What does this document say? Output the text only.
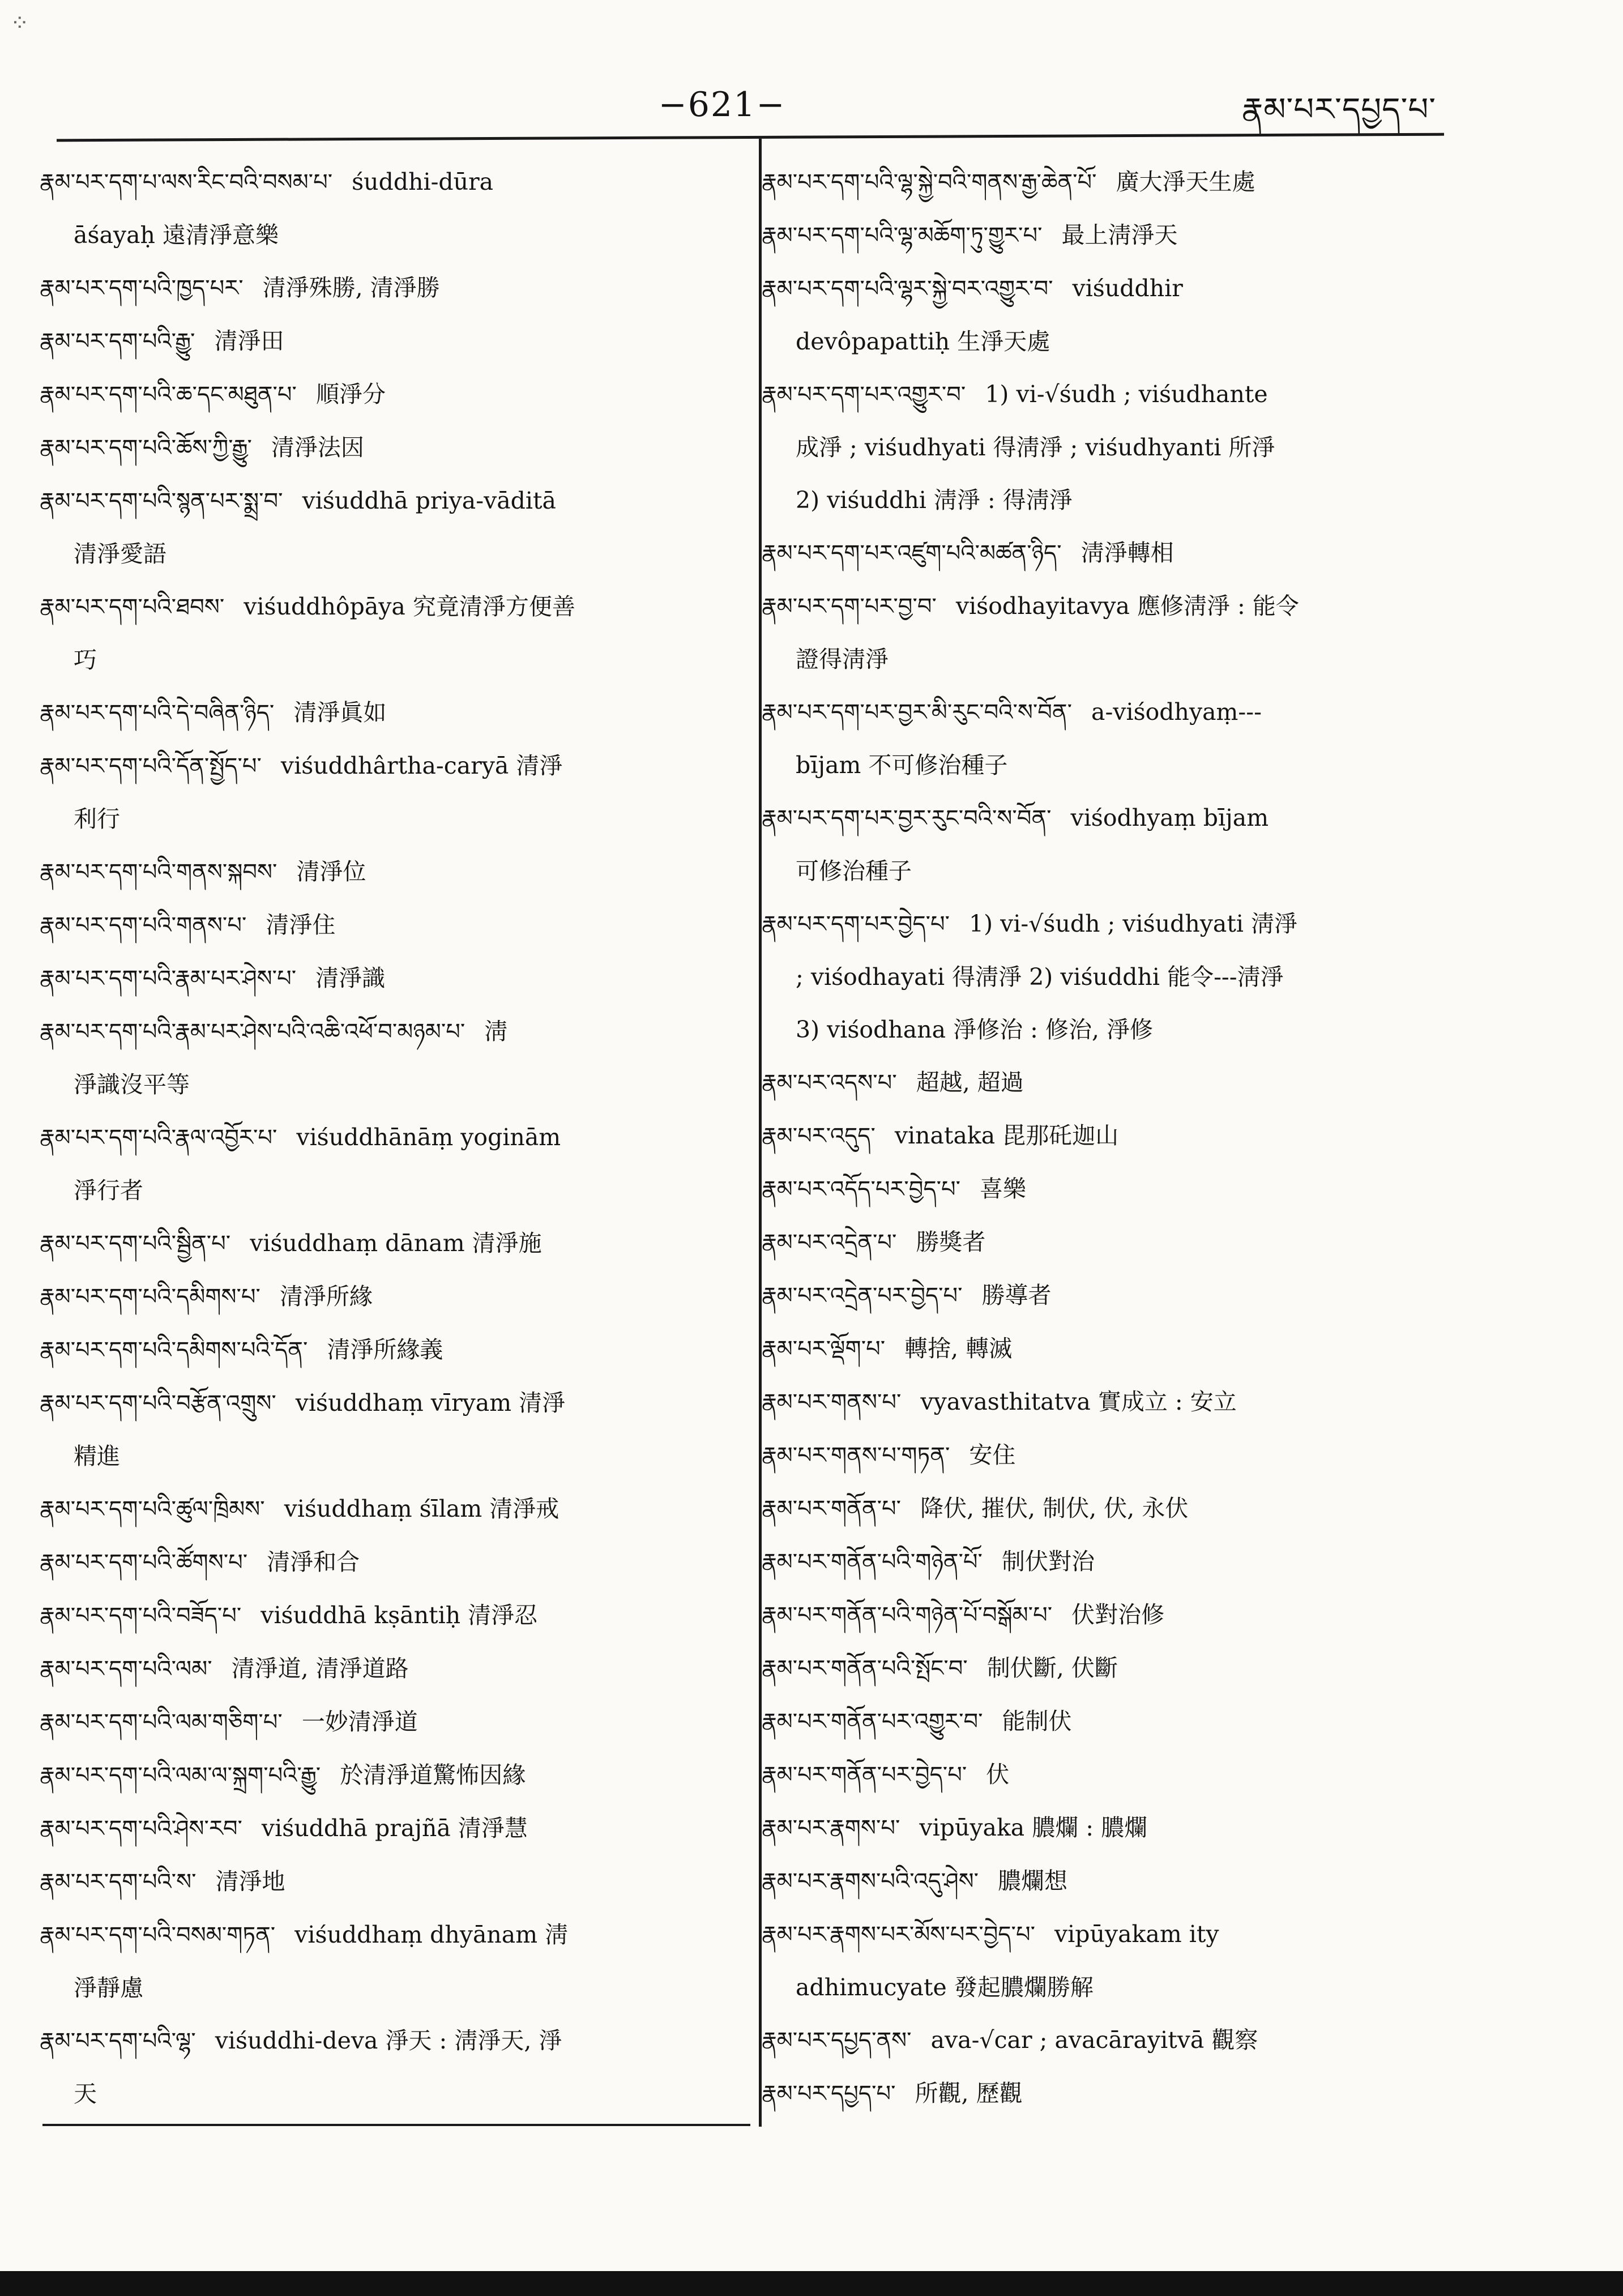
⁘
−621−	རྣམ་པར་དཔྱད་པ་

རྣམ་པར་དག་པ་ལས་རིང་བའི་བསམ་པ་ śuddhi-dūra
āśayaḥ 遠清淨意樂

རྣམ་པར་དག་པའི་ཁྱད་པར་ 清淨殊勝, 清淨勝

རྣམ་པར་དག་པའི་རྒྱུ་ 清淨田

རྣམ་པར་དག་པའི་ཆ་དང་མཐུན་པ་ 順淨分

རྣམ་པར་དག་པའི་ཆོས་ཀྱི་རྒྱུ་ 清淨法因

རྣམ་པར་དག་པའི་སྙན་པར་སྨྲ་བ་ viśuddhā priya-vāditā
清淨愛語

རྣམ་པར་དག་པའི་ཐབས་ viśuddhôpāya 究竟清淨方便善
巧

རྣམ་པར་དག་པའི་དེ་བཞིན་ཉིད་ 清淨眞如

རྣམ་པར་དག་པའི་དོན་སྤྱོད་པ་ viśuddhârtha-caryā 清淨
利行

རྣམ་པར་དག་པའི་གནས་སྐབས་ 清淨位

རྣམ་པར་དག་པའི་གནས་པ་ 清淨住

རྣམ་པར་དག་པའི་རྣམ་པར་ཤེས་པ་ 清淨識

རྣམ་པར་དག་པའི་རྣམ་པར་ཤེས་པའི་འཆི་འཕོ་བ་མཉམ་པ་ 淸
淨識沒平等

རྣམ་པར་དག་པའི་རྣལ་འབྱོར་པ་ viśuddhānāṃ yoginām
淨行者

རྣམ་པར་དག་པའི་སྦྱིན་པ་ viśuddhaṃ dānam 清淨施

རྣམ་པར་དག་པའི་དམིགས་པ་ 清淨所緣

རྣམ་པར་དག་པའི་དམིགས་པའི་དོན་ 清淨所緣義

རྣམ་པར་དག་པའི་བརྩོན་འགྲུས་ viśuddhaṃ vīryam 清淨
精進

རྣམ་པར་དག་པའི་ཚུལ་ཁྲིམས་ viśuddhaṃ śīlam 清淨戒

རྣམ་པར་དག་པའི་ཚོགས་པ་ 清淨和合

རྣམ་པར་དག་པའི་བཟོད་པ་ viśuddhā kṣāntiḥ 清淨忍

རྣམ་པར་དག་པའི་ལམ་ 清淨道, 清淨道路

རྣམ་པར་དག་པའི་ལམ་གཅིག་པ་ 一妙清淨道

རྣམ་པར་དག་པའི་ལམ་ལ་སྐྲག་པའི་རྒྱུ་ 於清淨道驚怖因緣

རྣམ་པར་དག་པའི་ཤེས་རབ་ viśuddhā prajñā 清淨慧

རྣམ་པར་དག་པའི་ས་ 清淨地

རྣམ་པར་དག་པའི་བསམ་གཏན་ viśuddhaṃ dhyānam 淸
淨靜慮

རྣམ་པར་དག་པའི་ལྷ་ viśuddhi-deva 淨天 : 淸淨天, 淨
天

རྣམ་པར་དག་པའི་ལྷ་སྐྱེ་བའི་གནས་རྒྱ་ཆེན་པོ་ 廣大淨天生處

རྣམ་པར་དག་པའི་ལྷ་མཆོག་ཏུ་གྱུར་པ་ 最上淸淨天

རྣམ་པར་དག་པའི་ལྷར་སྐྱེ་བར་འགྱུར་བ་ viśuddhir
devôpapattiḥ 生淨天處

རྣམ་པར་དག་པར་འགྱུར་བ་ 1) vi-√śudh ; viśudhante
成淨 ; viśudhyati 得淸淨 ; viśudhyanti 所淨

2) viśuddhi 淸淨 : 得淸淨

རྣམ་པར་དག་པར་འཛུག་པའི་མཚན་ཉིད་ 淸淨轉相

རྣམ་པར་དག་པར་བྱ་བ་ viśodhayitavya 應修淸淨 : 能令
證得淸淨

རྣམ་པར་དག་པར་བྱར་མི་རུང་བའི་ས་བོན་ a-viśodhyaṃ---
bījam 不可修治種子

རྣམ་པར་དག་པར་བྱར་རུང་བའི་ས་བོན་ viśodhyaṃ bījam
可修治種子

རྣམ་པར་དག་པར་བྱེད་པ་ 1) vi-√śudh ; viśudhyati 淸淨
; viśodhayati 得淸淨 2) viśuddhi 能令---淸淨

3) viśodhana 淨修治 : 修治, 淨修

རྣམ་པར་འདས་པ་ 超越, 超過

རྣམ་པར་འདུད་ vinataka 毘那矺迦山

རྣམ་པར་འདོད་པར་བྱེད་པ་ 喜樂

རྣམ་པར་འདྲེན་པ་ 勝獎者

རྣམ་པར་འདྲེན་པར་བྱེད་པ་ 勝導者

རྣམ་པར་ལྡོག་པ་ 轉捨, 轉滅

རྣམ་པར་གནས་པ་ vyavasthitatva 實成立 : 安立

རྣམ་པར་གནས་པ་གཏན་ 安住

རྣམ་པར་གནོན་པ་ 降伏, 摧伏, 制伏, 伏, 永伏

རྣམ་པར་གནོན་པའི་གཉེན་པོ་ 制伏對治

རྣམ་པར་གནོན་པའི་གཉེན་པོ་བསྒོམ་པ་ 伏對治修

རྣམ་པར་གནོན་པའི་སྤོང་བ་ 制伏斷, 伏斷

རྣམ་པར་གནོན་པར་འགྱུར་བ་ 能制伏

རྣམ་པར་གནོན་པར་བྱེད་པ་ 伏

རྣམ་པར་རྣགས་པ་ vipūyaka 膿爛 : 膿爛

རྣམ་པར་རྣགས་པའི་འདུ་ཤེས་ 膿爛想

རྣམ་པར་རྣགས་པར་མོས་པར་བྱེད་པ་ vipūyakam ity
adhimucyate 發起膿爛勝解

རྣམ་པར་དཔྱད་ནས་ ava-√car ; avacārayitvā 觀察

རྣམ་པར་དཔྱད་པ་ 所觀, 歷觀
